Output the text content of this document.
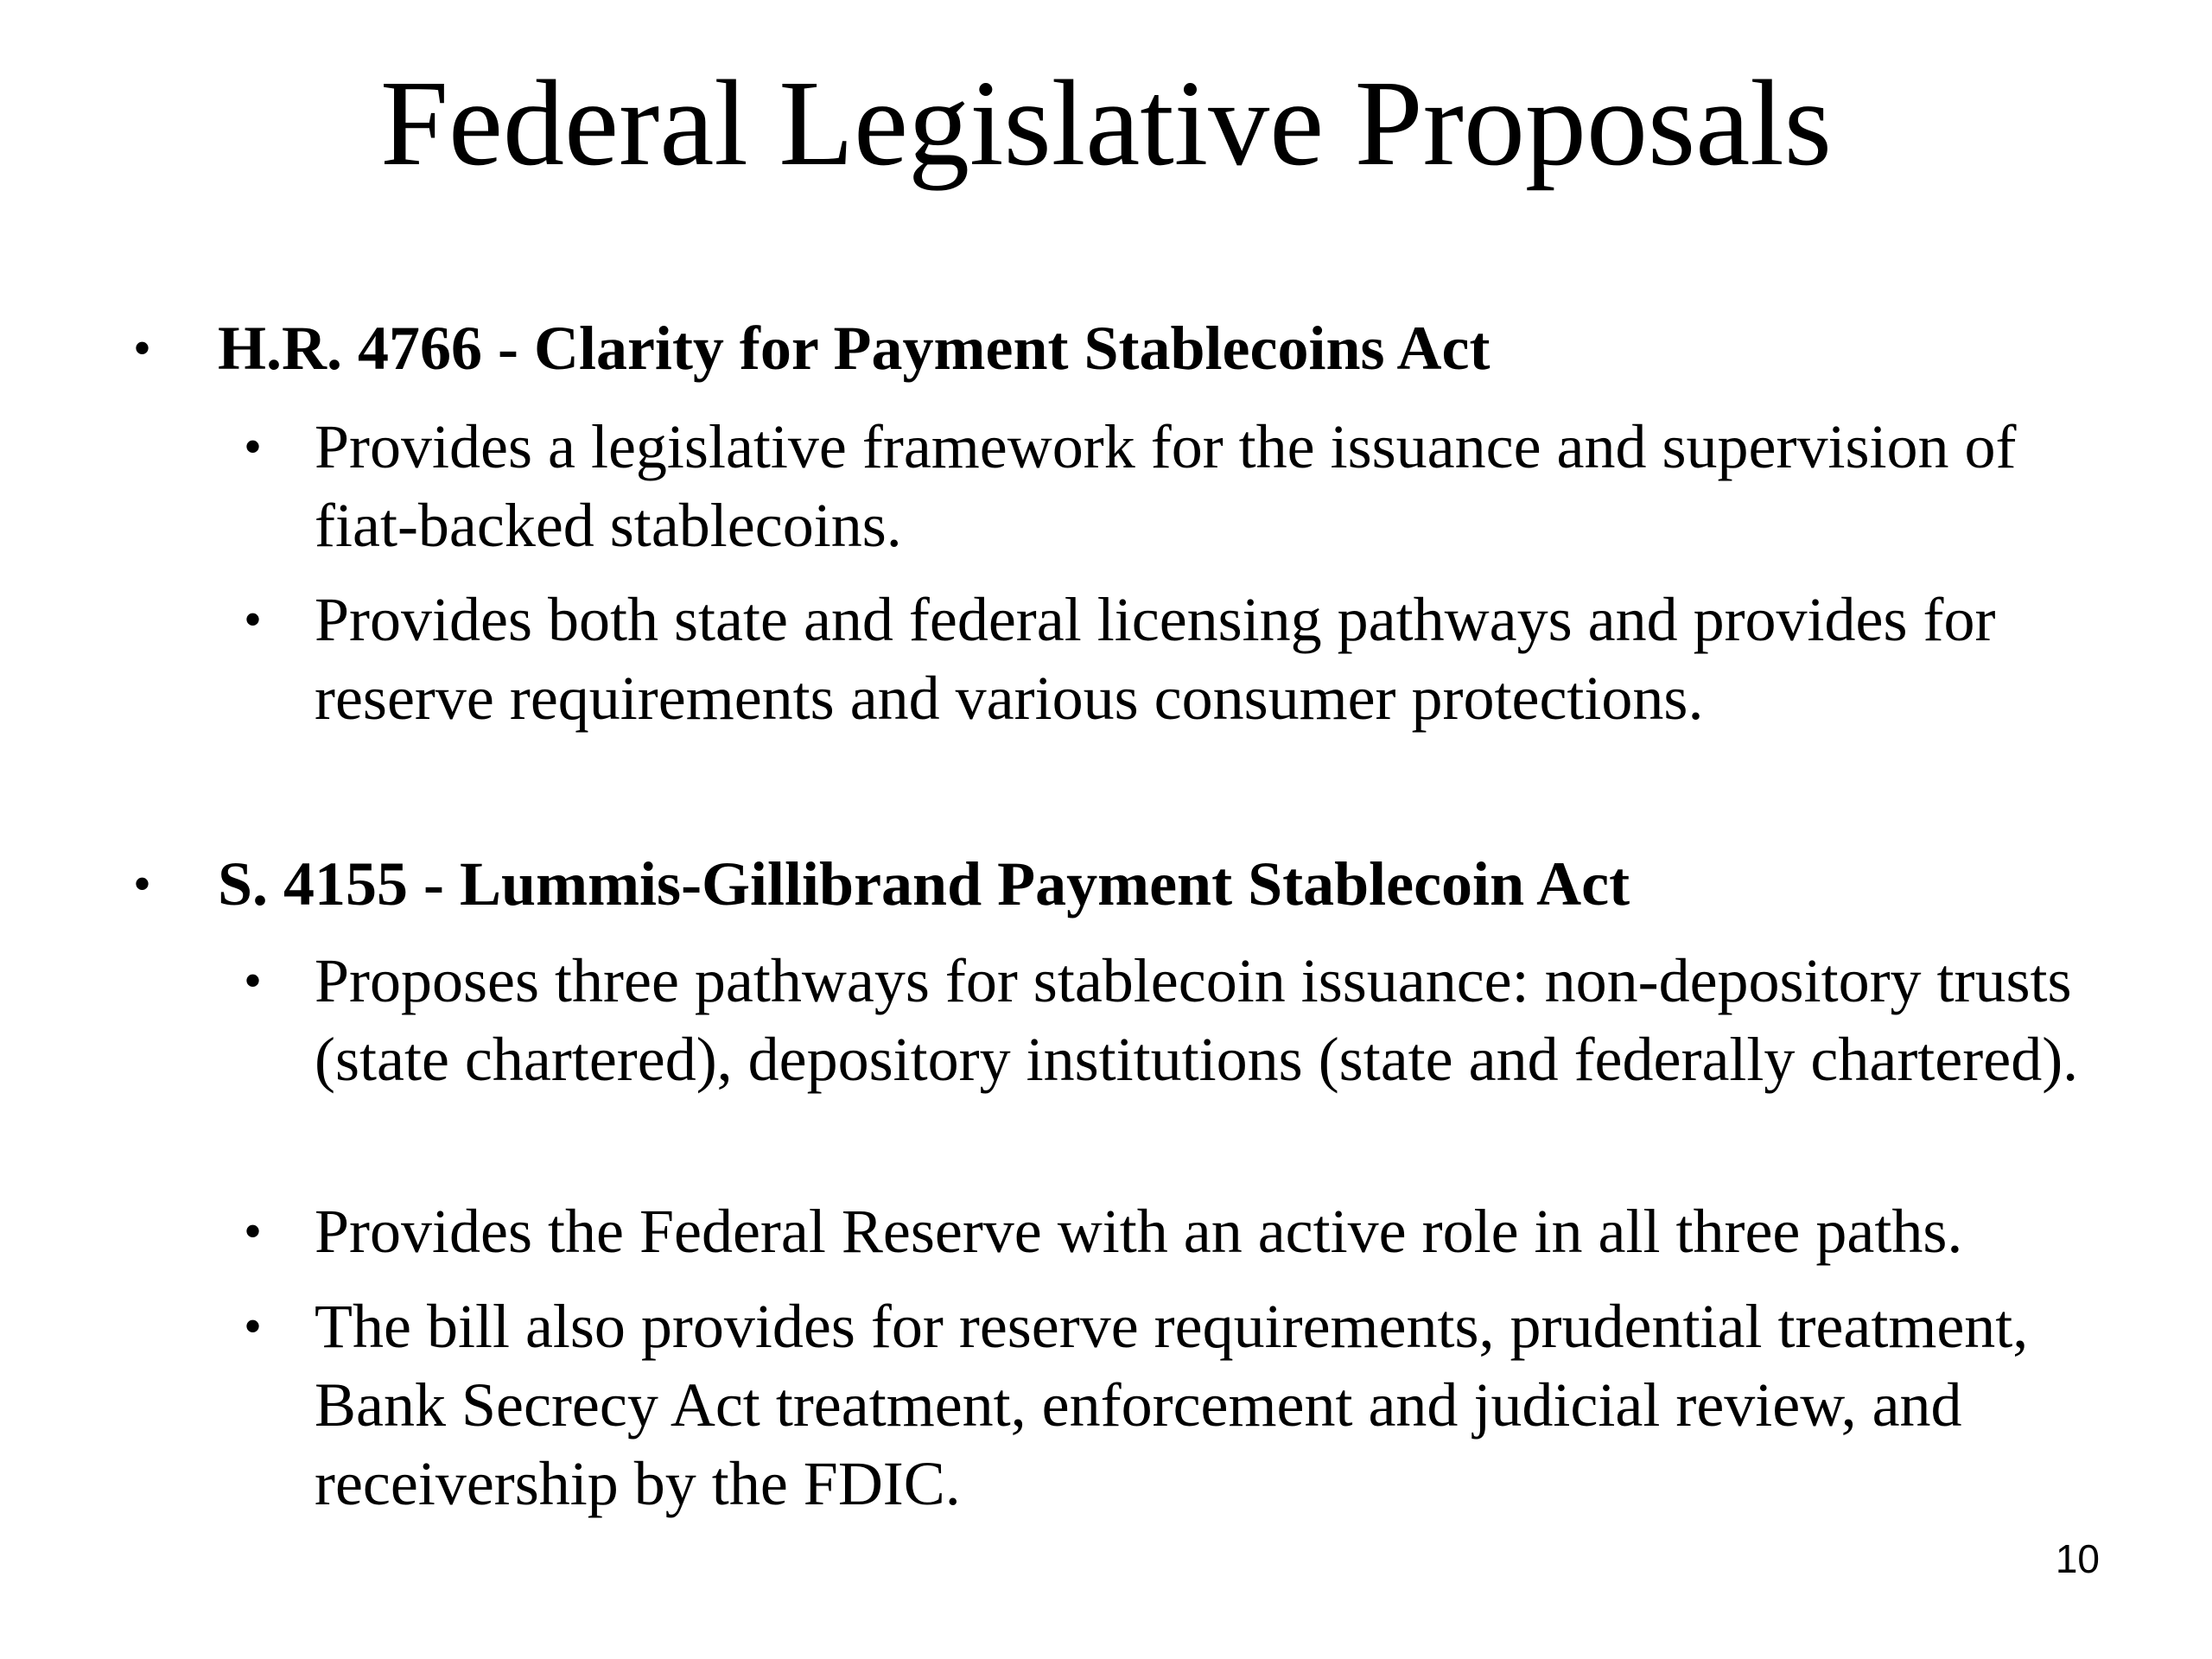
Federal Legislative Proposals
• H.R. 4766 - Clarity for Payment Stablecoins Act
• Provides a legislative framework for the issuance and supervision of fiat-backed stablecoins.
• Provides both state and federal licensing pathways and provides for reserve requirements and various consumer protections.
• S. 4155 - Lummis-Gillibrand Payment Stablecoin Act
• Proposes three pathways for stablecoin issuance: non-depository trusts (state chartered), depository institutions (state and federally chartered).
• Provides the Federal Reserve with an active role in all three paths.
• The bill also provides for reserve requirements, prudential treatment, Bank Secrecy Act treatment, enforcement and judicial review, and receivership by the FDIC.
10
